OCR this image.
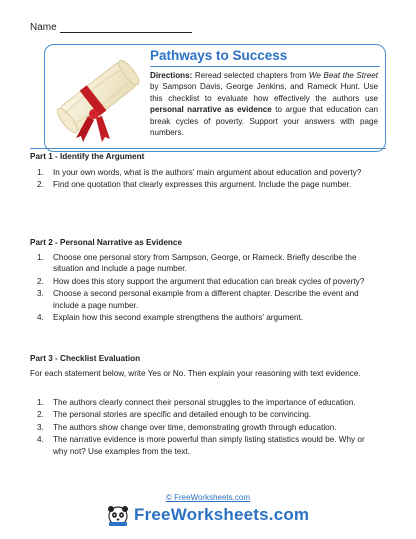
Name
Pathways to Success
Directions: Reread selected chapters from We Beat the Street by Sampson Davis, George Jenkins, and Rameck Hunt. Use this checklist to evaluate how effectively the authors use personal narrative as evidence to argue that education can break cycles of poverty. Support your answers with page numbers.
Part 1 - Identify the Argument
1. In your own words, what is the authors' main argument about education and poverty?
2. Find one quotation that clearly expresses this argument. Include the page number.
Part 2 - Personal Narrative as Evidence
1. Choose one personal story from Sampson, George, or Rameck. Briefly describe the situation and include a page number.
2. How does this story support the argument that education can break cycles of poverty?
3. Choose a second personal example from a different chapter. Describe the event and include a page number.
4. Explain how this second example strengthens the authors' argument.
Part 3 - Checklist Evaluation
For each statement below, write Yes or No. Then explain your reasoning with text evidence.
1. The authors clearly connect their personal struggles to the importance of education.
2. The personal stories are specific and detailed enough to be convincing.
3. The authors show change over time, demonstrating growth through education.
4. The narrative evidence is more powerful than simply listing statistics would be. Why or why not? Use examples from the text.
© FreeWorksheets.com
FreeWorksheets.com
